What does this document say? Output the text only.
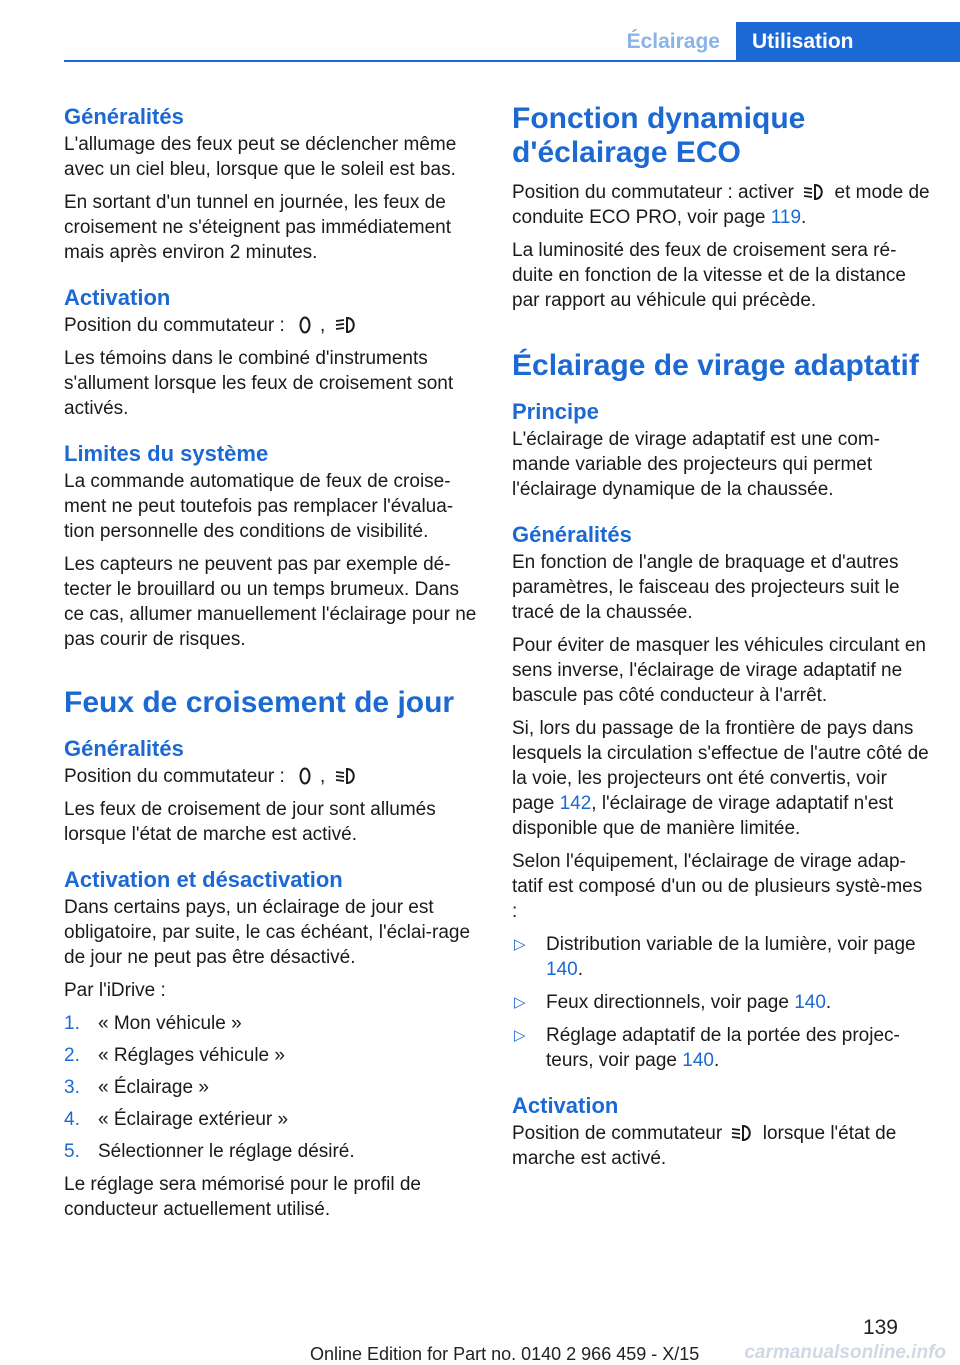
Éclairage	Utilisation
Généralités

L'allumage des feux peut se déclencher même avec un ciel bleu, lorsque que le soleil est bas.

En sortant d'un tunnel en journée, les feux de croisement ne s'éteignent pas immédiatement mais après environ 2 minutes.

Activation

Position du commutateur : ,

Les témoins dans le combiné d'instruments s'allument lorsque les feux de croisement sont activés.

Limites du système

La commande automatique de feux de croise-ment ne peut toutefois pas remplacer l'évalua-tion personnelle des conditions de visibilité.

Les capteurs ne peuvent pas par exemple dé-tecter le brouillard ou un temps brumeux. Dans ce cas, allumer manuellement l'éclairage pour ne pas courir de risques.

Feux de croisement de jour
Généralités

Position du commutateur : ,

Les feux de croisement de jour sont allumés lorsque l'état de marche est activé.

Activation et désactivation

Dans certains pays, un éclairage de jour est obligatoire, par suite, le cas échéant, l'éclai-rage de jour ne peut pas être désactivé.

Par l'iDrive :

1. « Mon véhicule »
2. « Réglages véhicule »
3. « Éclairage »
4. « Éclairage extérieur »
5. Sélectionner le réglage désiré.

Le réglage sera mémorisé pour le profil de conducteur actuellement utilisé.

Fonction dynamique d'éclairage ECO

Position du commutateur : activer et mode de conduite ECO PRO, voir page 119.

La luminosité des feux de croisement sera ré-duite en fonction de la vitesse et de la distance par rapport au véhicule qui précède.

Éclairage de virage adaptatif
Principe

L'éclairage de virage adaptatif est une com-mande variable des projecteurs qui permet l'éclairage dynamique de la chaussée.

Généralités

En fonction de l'angle de braquage et d'autres paramètres, le faisceau des projecteurs suit le tracé de la chaussée.

Pour éviter de masquer les véhicules circulant en sens inverse, l'éclairage de virage adaptatif ne bascule pas côté conducteur à l'arrêt.

Si, lors du passage de la frontière de pays dans lesquels la circulation s'effectue de l'autre côté de la voie, les projecteurs ont été convertis, voir page 142, l'éclairage de virage adaptatif n'est disponible que de manière limitée.

Selon l'équipement, l'éclairage de virage adap-tatif est composé d'un ou de plusieurs systè-mes :

▷ Distribution variable de la lumière, voir page 140.
▷ Feux directionnels, voir page 140.
▷ Réglage adaptatif de la portée des projec-teurs, voir page 140.
Activation

Position de commutateur lorsque l'état de marche est activé.

139
Online Edition for Part no. 0140 2 966 459 - X/15 carmanualsonline.info
